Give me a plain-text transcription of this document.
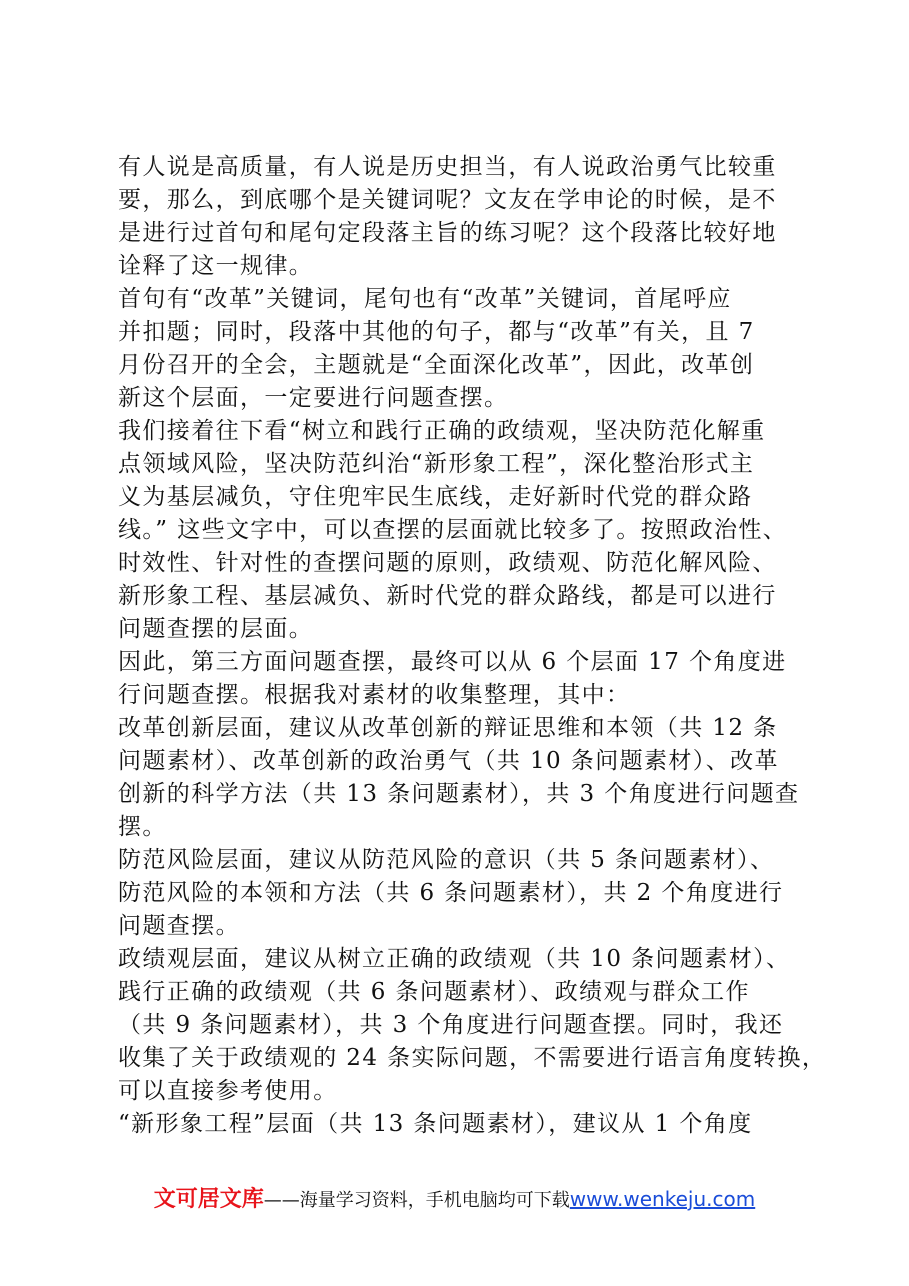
有人说是高质量，有人说是历史担当，有人说政治勇气比较重
要，那么，到底哪个是关键词呢？文友在学申论的时候，是不
是进行过首句和尾句定段落主旨的练习呢？这个段落比较好地
诠释了这一规律。
首句有“改革”关键词，尾句也有“改革”关键词，首尾呼应
并扣题；同时，段落中其他的句子，都与“改革”有关，且 7
月份召开的全会，主题就是“全面深化改革”，因此，改革创
新这个层面，一定要进行问题查摆。
我们接着往下看“树立和践行正确的政绩观，坚决防范化解重
点领域风险，坚决防范纠治“新形象工程”，深化整治形式主
义为基层减负，守住兜牢民生底线，走好新时代党的群众路
线。” 这些文字中，可以查摆的层面就比较多了。按照政治性、
时效性、针对性的查摆问题的原则，政绩观、防范化解风险、
新形象工程、基层减负、新时代党的群众路线，都是可以进行
问题查摆的层面。
因此，第三方面问题查摆，最终可以从 6 个层面 17 个角度进
行问题查摆。根据我对素材的收集整理，其中：
改革创新层面，建议从改革创新的辩证思维和本领（共 12 条
问题素材）、改革创新的政治勇气（共 10 条问题素材）、改革
创新的科学方法（共 13 条问题素材），共 3 个角度进行问题查
摆。
防范风险层面，建议从防范风险的意识（共 5 条问题素材）、
防范风险的本领和方法（共 6 条问题素材），共 2 个角度进行
问题查摆。
政绩观层面，建议从树立正确的政绩观（共 10 条问题素材）、
践行正确的政绩观（共 6 条问题素材）、政绩观与群众工作
（共 9 条问题素材），共 3 个角度进行问题查摆。同时，我还
收集了关于政绩观的 24 条实际问题，不需要进行语言角度转换，
可以直接参考使用。
“新形象工程”层面（共 13 条问题素材），建议从 1 个角度
文可居文库——海量学习资料，手机电脑均可下载www.wenkeju.com
